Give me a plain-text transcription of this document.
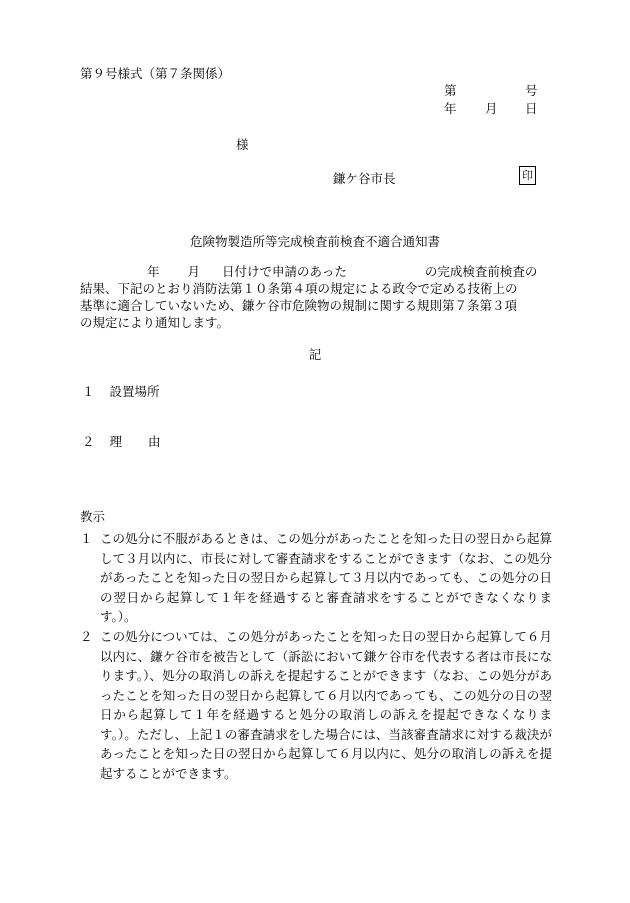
第９号様式（第７条関係）
第	号
年 月 日
様
鎌ケ谷市長	印
危険物製造所等完成検査前検査不適合通知書
年 月 日付けで申請のあった	の完成検査前検査の
結果、下記のとおり消防法第１０条第４項の規定による政令で定める技術上の
基準に適合していないため、鎌ケ谷市危険物の規制に関する規則第７条第３項
の規定により通知します。
記
１ 設置場所
２ 理 由
教示
１ この処分に不服があるときは、この処分があったことを知った日の翌日から起算して３月以内に、市長に対して審査請求をすることができます（なお、この処分があったことを知った日の翌日から起算して３月以内であっても、この処分の日の翌日から起算して１年を経過すると審査請求をすることができなくなります。）。
２ この処分については、この処分があったことを知った日の翌日から起算して６月以内に、鎌ケ谷市を被告として（訴訟において鎌ケ谷市を代表する者は市長になります。）、処分の取消しの訴えを提起することができます（なお、この処分があったことを知った日の翌日から起算して６月以内であっても、この処分の日の翌日から起算して１年を経過すると処分の取消しの訴えを提起できなくなります。）。ただし、上記１の審査請求をした場合には、当該審査請求に対する裁決があったことを知った日の翌日から起算して６月以内に、処分の取消しの訴えを提起することができます。
